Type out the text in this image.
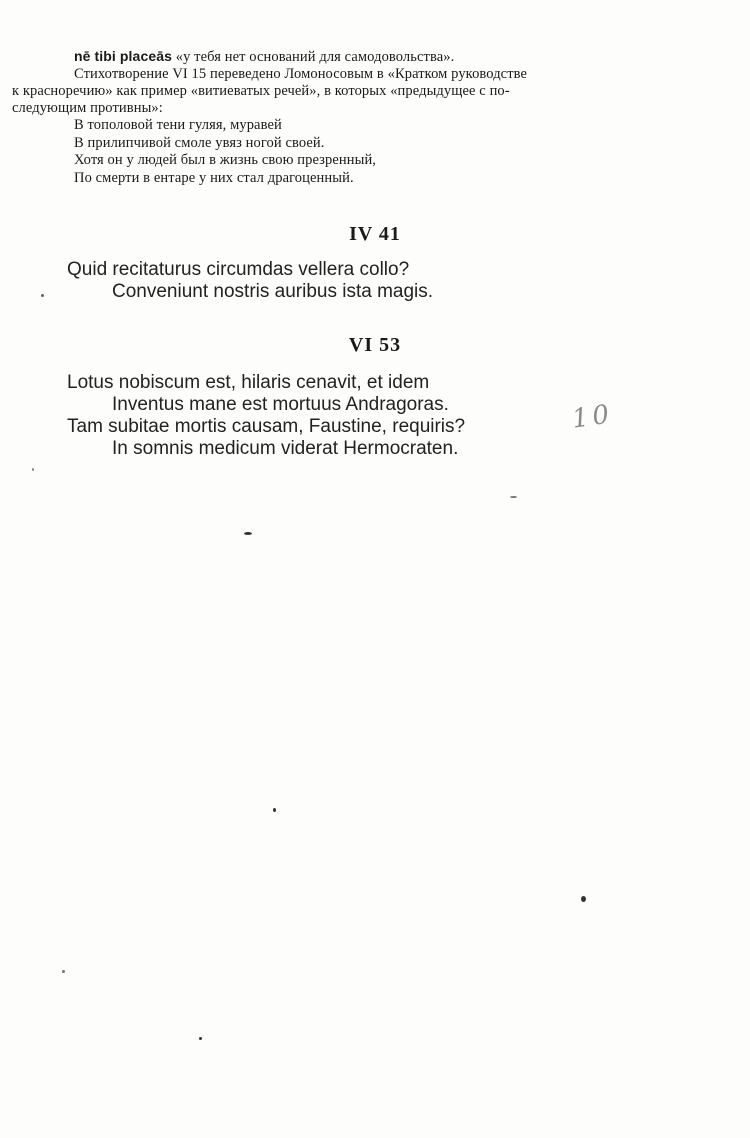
nē tibi placeās «у тебя нет оснований для самодовольства».

Стихотворение VI 15 переведено Ломоносовым в «Кратком руководстве

к красноречию» как пример «витиеватых речей», в которых «предыдущее с по-

следующим противны»:

В тополовой тени гуляя, муравей

В прилипчивой смоле увяз ногой своей.

Хотя он у людей был в жизнь свою презренный,

По смерти в ентаре у них стал драгоценный.

IV 41

Quid recitaturus circumdas vellera collo?

Conveniunt nostris auribus ista magis.

VI 53

Lotus nobiscum est, hilaris cenavit, et idem

Inventus mane est mortuus Andragoras.

Tam subitae mortis causam, Faustine, requiris?

In somnis medicum viderat Hermocraten.

10
